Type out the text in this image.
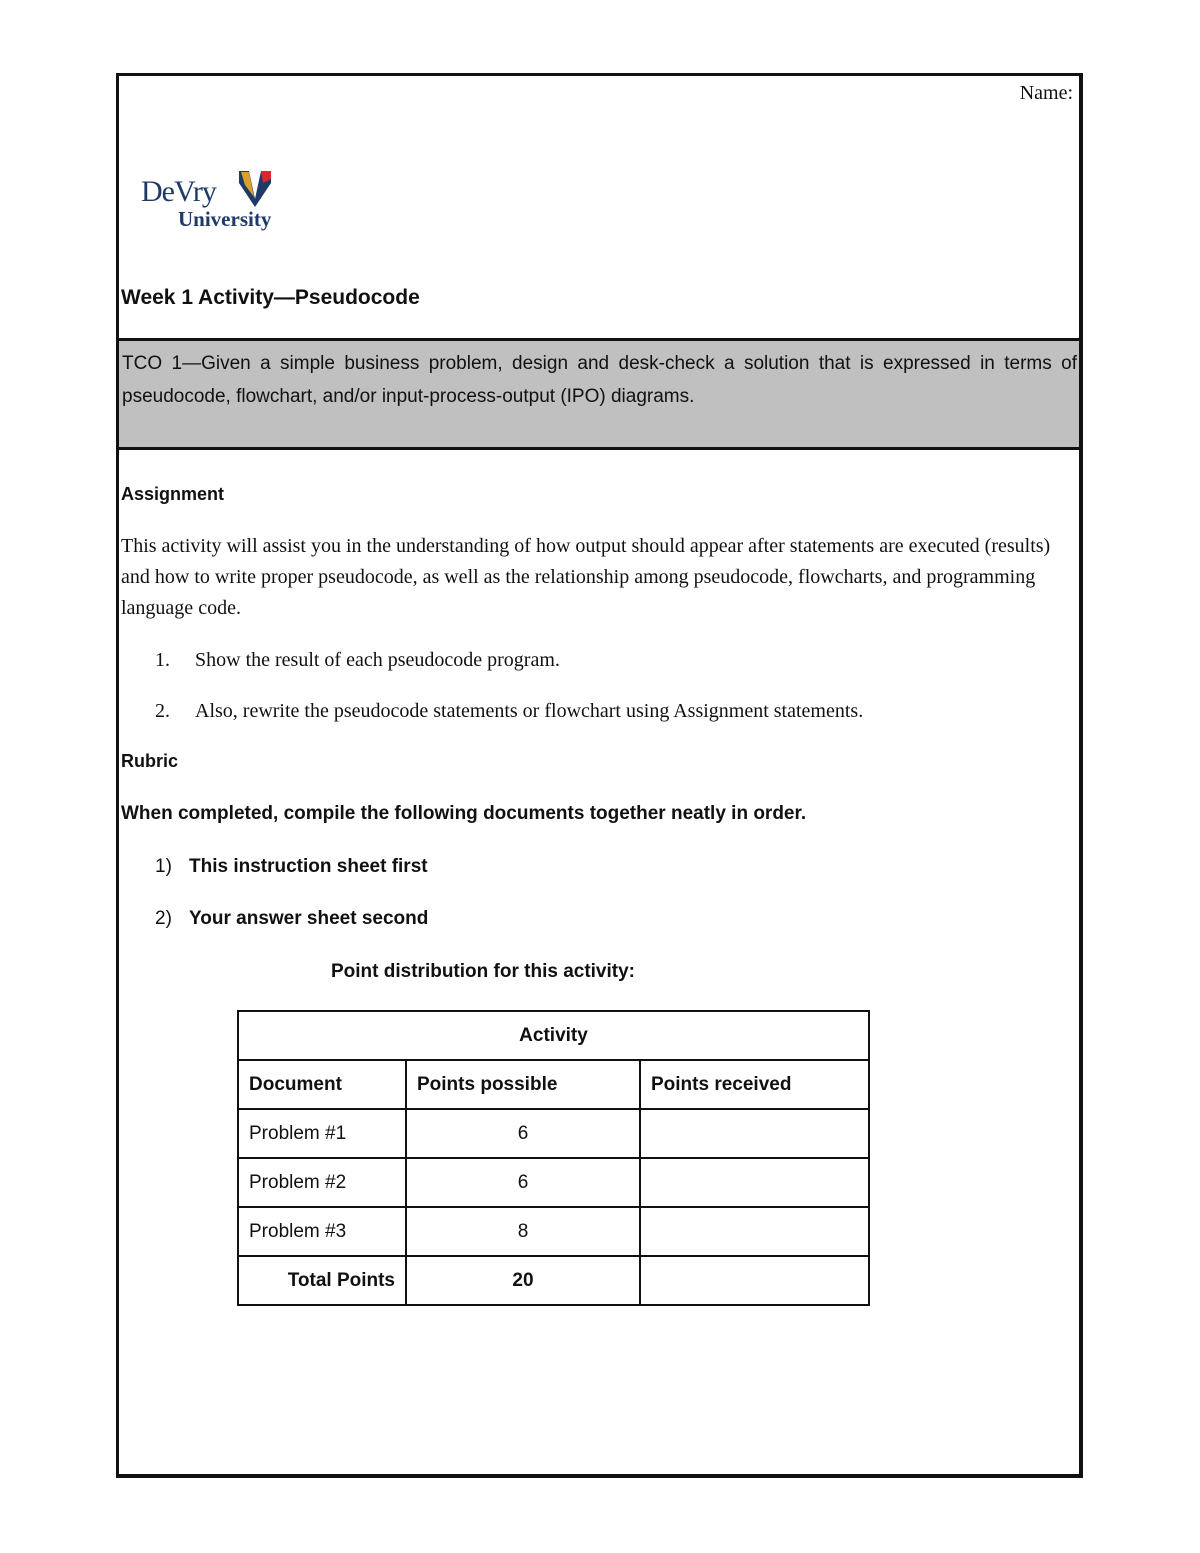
Name:
DeVry
University
Week 1 Activity—Pseudocode

TCO 1—Given a simple business problem, design and desk-check a solution that is expressed in terms of pseudocode, flowchart, and/or input-process-output (IPO) diagrams.

Assignment
This activity will assist you in the understanding of how output should appear after statements are executed (results) and how to write proper pseudocode, as well as the relationship among pseudocode, flowcharts, and programming language code.
1. Show the result of each pseudocode program.
2. Also, rewrite the pseudocode statements or flowchart using Assignment statements.
Rubric
When completed, compile the following documents together neatly in order.
1) This instruction sheet first
2) Your answer sheet second
Point distribution for this activity:
Activity		
Document	Points possible	Points received
Problem #1	6	
Problem #2	6	
Problem #3	8	
Total Points	20	
